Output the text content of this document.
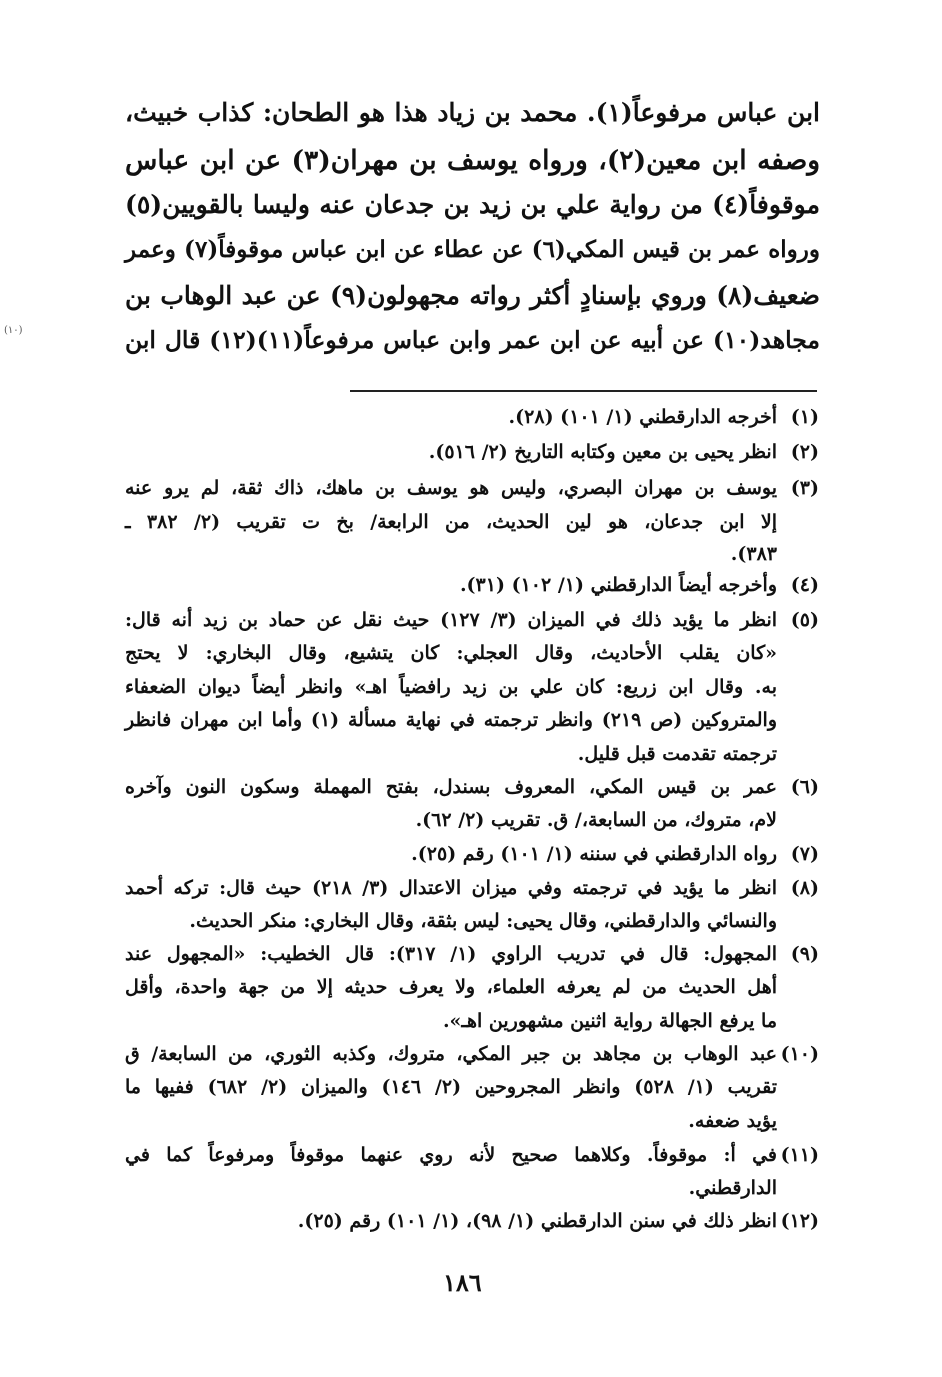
ابن عباس مرفوعاً(١). محمد بن زياد هذا هو الطحان: كذاب خبيث،
وصفه ابن معين(٢)، ورواه يوسف بن مهران(٣) عن ابن عباس
موقوفاً(٤) من رواية علي بن زيد بن جدعان عنه وليسا بالقويين(٥)
ورواه عمر بن قيس المكي(٦) عن عطاء عن ابن عباس موقوفاً(٧) وعمر
ضعيف(٨) وروي بإسنادٍ أكثر رواته مجهولون(٩) عن عبد الوهاب بن
مجاهد(١٠) عن أبيه عن ابن عمر وابن عباس مرفوعاً(١١)(١٢) قال ابن
(١٠)
(١)
أخرجه الدارقطني (١/ ١٠١) (٢٨).
(٢)
انظر يحيى بن معين وكتابه التاريخ (٢/ ٥١٦).
(٣)
يوسف بن مهران البصري، وليس هو يوسف بن ماهك، ذاك ثقة، لم يرو عنه
إلا ابن جدعان، هو لين الحديث، من الرابعة/ بخ ت تقريب (٢/ ٣٨٢ ـ
٣٨٣).
(٤)
وأخرجه أيضاً الدارقطني (١/ ١٠٢) (٣١).
(٥)
انظر ما يؤيد ذلك في الميزان (٣/ ١٢٧) حيث نقل عن حماد بن زيد أنه قال:
«كان يقلب الأحاديث، وقال العجلي: كان يتشيع، وقال البخاري: لا يحتج
به. وقال ابن زريع: كان علي بن زيد رافضياً اهـ» وانظر أيضاً ديوان الضعفاء
والمتروكين (ص ٢١٩) وانظر ترجمته في نهاية مسألة (١) وأما ابن مهران فانظر
ترجمته تقدمت قبل قليل.
(٦)
عمر بن قيس المكي، المعروف بسندل، بفتح المهملة وسكون النون وآخره
لام، متروك، من السابعة،/ ق. تقريب (٢/ ٦٢).
(٧)
رواه الدارقطني في سننه (١/ ١٠١) رقم (٢٥).
(٨)
انظر ما يؤيد في ترجمته وفي ميزان الاعتدال (٣/ ٢١٨) حيث قال: تركه أحمد
والنسائي والدارقطني، وقال يحيى: ليس بثقة، وقال البخاري: منكر الحديث.
(٩)
المجهول: قال في تدريب الراوي (١/ ٣١٧): قال الخطيب: «المجهول عند
أهل الحديث من لم يعرفه العلماء، ولا يعرف حديثه إلا من جهة واحدة، وأقل
ما يرفع الجهالة رواية اثنين مشهورين اهـ».
(١٠)
عبد الوهاب بن مجاهد بن جبر المكي، متروك، وكذبه الثوري، من السابعة/ ق
تقريب (١/ ٥٢٨) وانظر المجروحين (٢/ ١٤٦) والميزان (٢/ ٦٨٢) ففيها ما
يؤيد ضعفه.
(١١)
في أ: موقوفاً. وكلاهما صحيح لأنه روي عنهما موقوفاً ومرفوعاً كما في
الدارقطني.
(١٢)
انظر ذلك في سنن الدارقطني (١/ ٩٨)، (١/ ١٠١) رقم (٢٥).
١٨٦
